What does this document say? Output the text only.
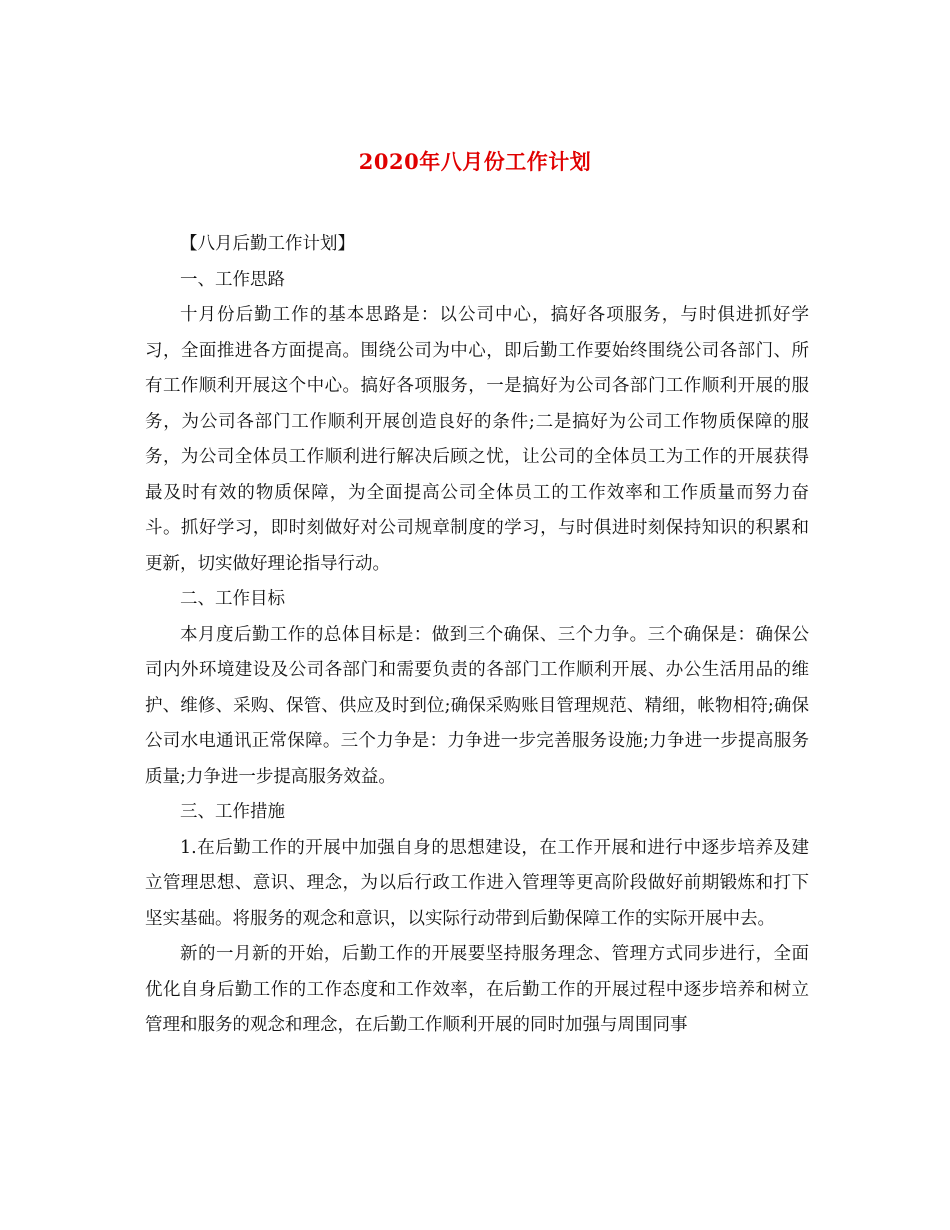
2020年八月份工作计划

【八月后勤工作计划】

一、工作思路

十月份后勤工作的基本思路是：以公司中心，搞好各项服务，与时俱进抓好学习，全面推进各方面提高。围绕公司为中心，即后勤工作要始终围绕公司各部门、所有工作顺利开展这个中心。搞好各项服务，一是搞好为公司各部门工作顺利开展的服务，为公司各部门工作顺利开展创造良好的条件;二是搞好为公司工作物质保障的服务，为公司全体员工作顺利进行解决后顾之忧，让公司的全体员工为工作的开展获得最及时有效的物质保障，为全面提高公司全体员工的工作效率和工作质量而努力奋斗。抓好学习，即时刻做好对公司规章制度的学习，与时俱进时刻保持知识的积累和更新，切实做好理论指导行动。

二、工作目标

本月度后勤工作的总体目标是：做到三个确保、三个力争。三个确保是：确保公司内外环境建设及公司各部门和需要负责的各部门工作顺利开展、办公生活用品的维护、维修、采购、保管、供应及时到位;确保采购账目管理规范、精细，帐物相符;确保公司水电通讯正常保障。三个力争是：力争进一步完善服务设施;力争进一步提高服务质量;力争进一步提高服务效益。

三、工作措施

1.在后勤工作的开展中加强自身的思想建设，在工作开展和进行中逐步培养及建立管理思想、意识、理念，为以后行政工作进入管理等更高阶段做好前期锻炼和打下坚实基础。将服务的观念和意识，以实际行动带到后勤保障工作的实际开展中去。

新的一月新的开始，后勤工作的开展要坚持服务理念、管理方式同步进行，全面优化自身后勤工作的工作态度和工作效率，在后勤工作的开展过程中逐步培养和树立管理和服务的观念和理念，在后勤工作顺利开展的同时加强与周围同事
